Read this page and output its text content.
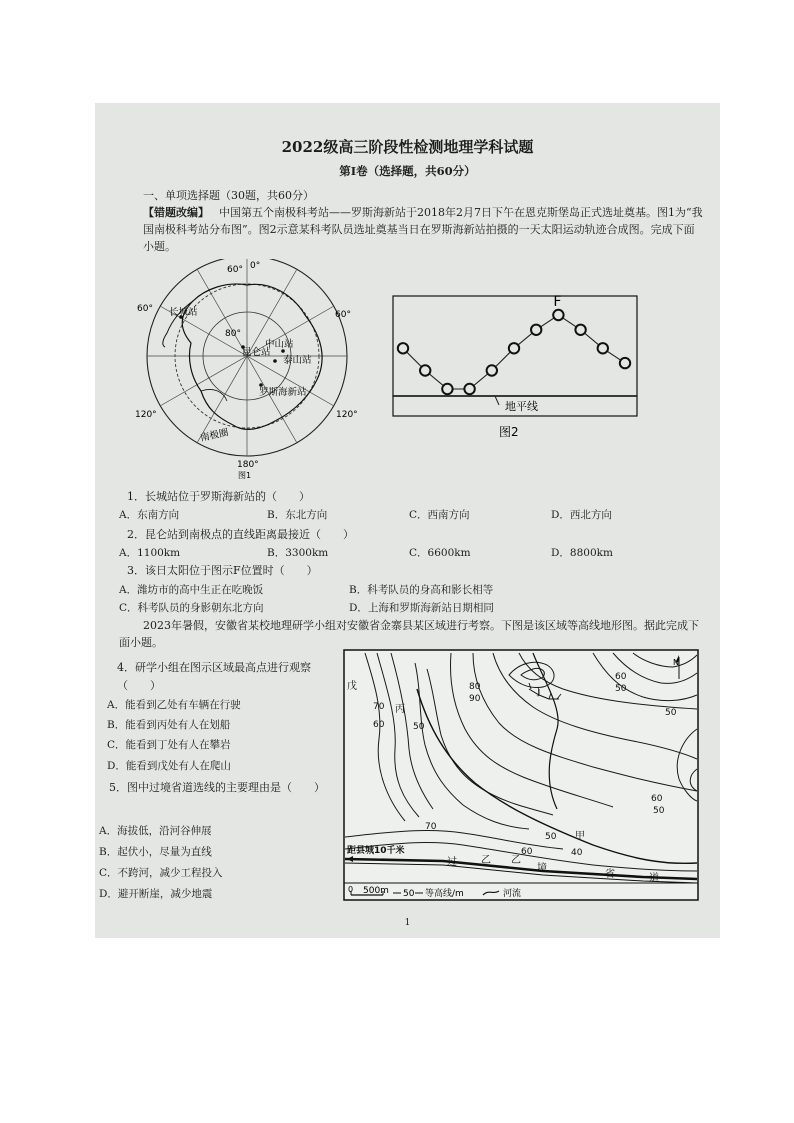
2022级高三阶段性检测地理学科试题
第Ⅰ卷（选择题，共60分）
一、单项选择题（30题，共60分）
【错题改编】 中国第五个南极科考站——罗斯海新站于2018年2月7日下午在恩克斯堡岛正式选址奠基。图1为“我国南极科考站分布图”。图2示意某科考队员选址奠基当日在罗斯海新站拍摄的一天太阳运动轨迹合成图。完成下面小题。
0°
60°
60°
60°
80°
120°	120°
180°
长城站
昆仑站
中山站
泰山站
罗斯海新站
南极圈
图1
F
地平线
图2
1．长城站位于罗斯海新站的（　　）
A．东南方向	B．东北方向	C．西南方向	D．西北方向
2．昆仑站到南极点的直线距离最接近（　　）
A．1100km	B．3300km	C．6600km	D．8800km
3．该日太阳位于图示F位置时（　　）
A．潍坊市的高中生正在吃晚饭	B．科考队员的身高和影长相等
C．科考队员的身影朝东北方向	D．上海和罗斯海新站日期相同
2023年暑假，安徽省某校地理研学小组对安徽省金寨县某区域进行考察。下图是该区域等高线地形图。据此完成下面小题。
4．研学小组在图示区域最高点进行观察（　　）
A．能看到乙处有车辆在行驶
B．能看到丙处有人在划船
C．能看到丁处有人在攀岩
D．能看到戊处有人在爬山
5．图中过境省道选线的主要理由是（　　）
A．海拔低，沿河谷伸展
B．起伏小，尽量为直线
C．不跨河，减少工程投入
D．避开断崖，减少地震
戊
丙
丁
甲
乙
70
60	50
80
90
60
50
50
60
50
70
50
60	40
距县城10千米
过 乙
境
省	道
N
0 500m 50 等高线/m	河流
1
